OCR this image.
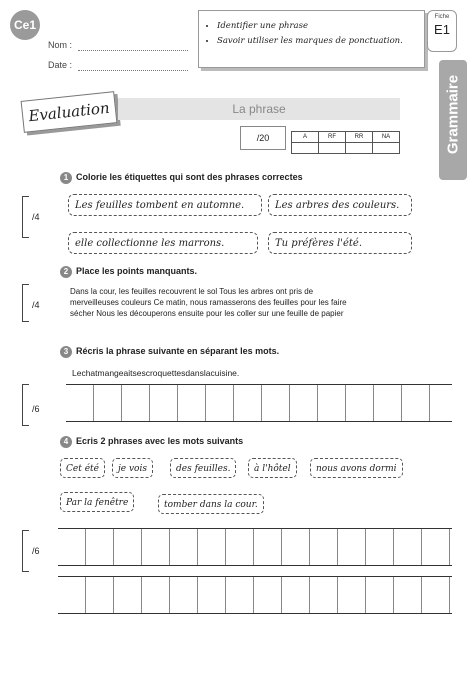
Ce1
Nom :
Date :
• Identifier une phrase
• Savoir utiliser les marques de ponctuation.
Fiche
E1
Grammaire
Evaluation	La phrase
/20	A	RF	RR	NA

1 Colorie les étiquettes qui sont des phrases correctes
/4
Les feuilles tombent en automne.	Les arbres des couleurs.
elle collectionne les marrons.	Tu préfères l'été.
2 Place les points manquants.
/4
Dans la cour, les feuilles recouvrent le sol Tous les arbres ont pris de
merveilleuses couleurs Ce matin, nous ramasserons des feuilles pour les faire
sécher Nous les découperons ensuite pour les coller sur une feuille de papier
3 Récris la phrase suivante en séparant les mots.
Lechatmangeaitsescroquettesdanslacuisine.
/6
4 Ecris 2 phrases avec les mots suivants
Cet été	je vois	des feuilles.	à l'hôtel	nous avons dormi
Par la fenêtre	tomber dans la cour.
/6
